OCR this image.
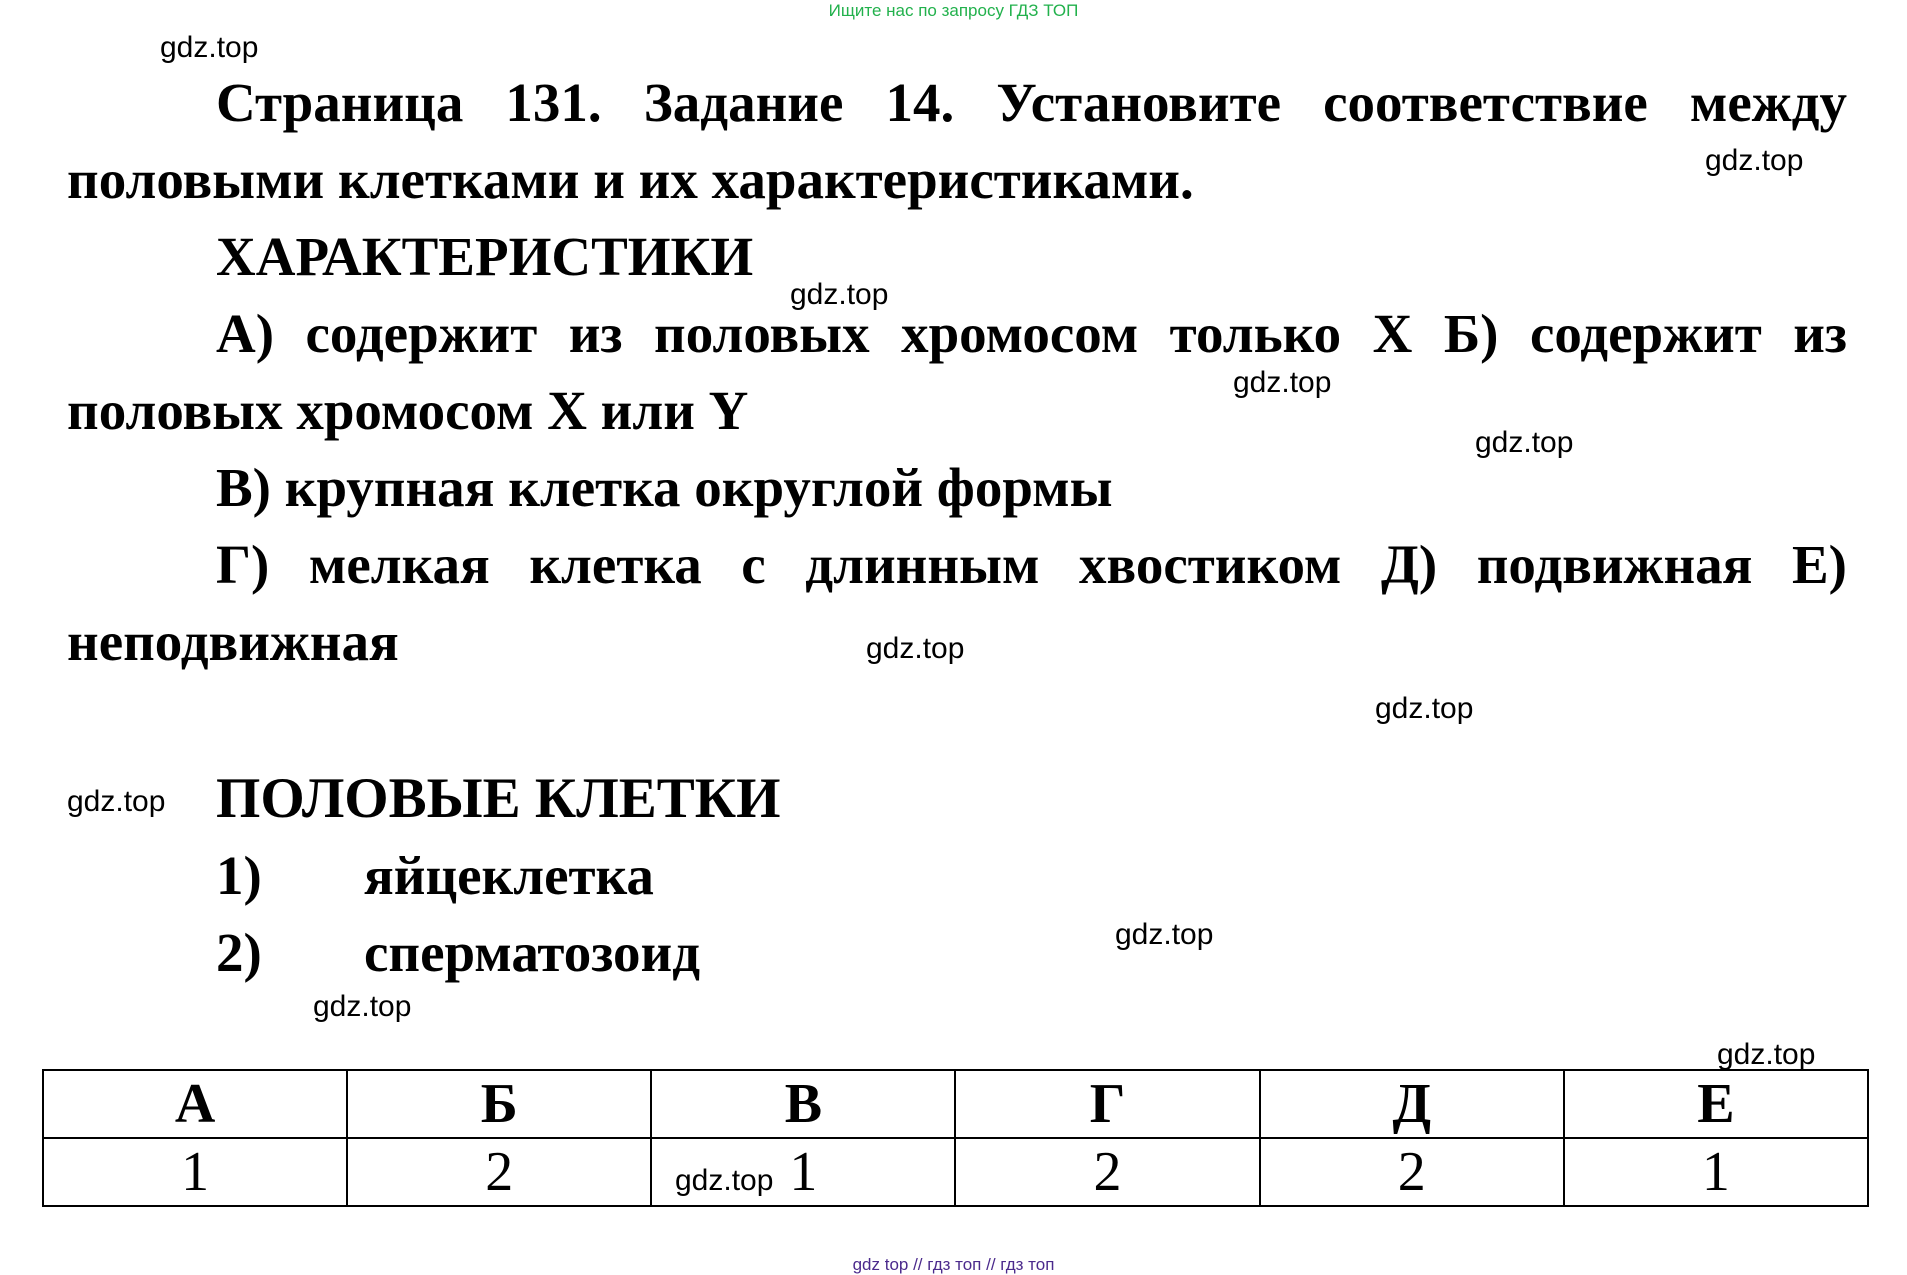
Ищите нас по запросу ГДЗ ТОП

Страница 131. Задание 14. Установите соответствие между половыми клетками и их характеристиками.

ХАРАКТЕРИСТИКИ

А) содержит из половых хромосом только X Б) содержит из половых хромосом X или Y

В) крупная клетка округлой формы

Г) мелкая клетка с длинным хвостиком Д) подвижная Е) неподвижная

ПОЛОВЫЕ КЛЕТКИ

1)	яйцеклетка

2)	сперматозоид

А	Б	В	Г	Д	Е
1	2	1	2	2	1
gdz.top
gdz.top
gdz.top
gdz.top
gdz.top
gdz.top
gdz.top
gdz.top
gdz.top
gdz.top
gdz.top
gdz.top
gdz top // гдз топ // гдз топ
